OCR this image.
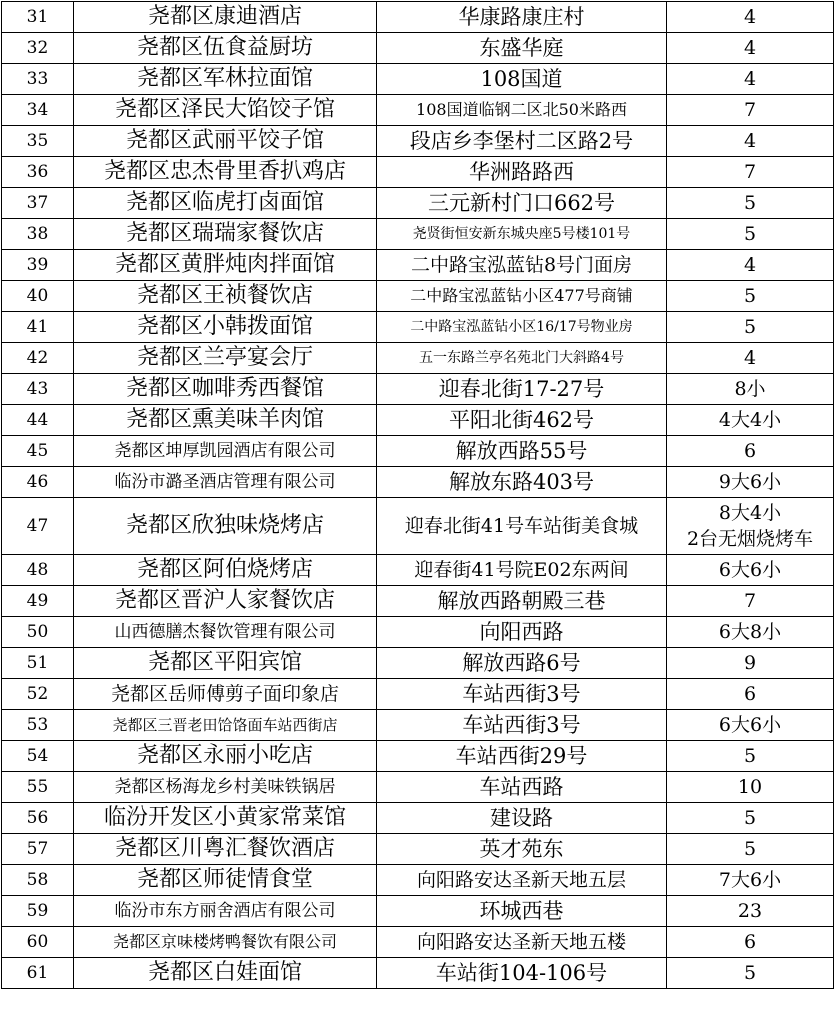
31	尧都区康迪酒店	华康路康庄村	4
32	尧都区伍食益厨坊	东盛华庭	4
33	尧都区军林拉面馆	108国道	4
34	尧都区泽民大馅饺子馆	108国道临钢二区北50米路西	7
35	尧都区武丽平饺子馆	段店乡李堡村二区路2号	4
36	尧都区忠杰骨里香扒鸡店	华洲路路西	7
37	尧都区临虎打卤面馆	三元新村门口662号	5
38	尧都区瑞瑞家餐饮店	尧贤街恒安新东城央座5号楼101号	5
39	尧都区黄胖炖肉拌面馆	二中路宝泓蓝钻8号门面房	4
40	尧都区王祯餐饮店	二中路宝泓蓝钻小区477号商铺	5
41	尧都区小韩拨面馆	二中路宝泓蓝钻小区16/17号物业房	5
42	尧都区兰亭宴会厅	五一东路兰亭名苑北门大斜路4号	4
43	尧都区咖啡秀西餐馆	迎春北街17-27号	8小
44	尧都区熏美味羊肉馆	平阳北街462号	4大4小
45	尧都区坤厚凯园酒店有限公司	解放西路55号	6
46	临汾市潞圣酒店管理有限公司	解放东路403号	9大6小
47	尧都区欣独味烧烤店	迎春北街41号车站街美食城	8大4小
2台无烟烧烤车

48	尧都区阿伯烧烤店	迎春街41号院E02东两间	6大6小
49	尧都区晋沪人家餐饮店	解放西路朝殿三巷	7
50	山西德膳杰餐饮管理有限公司	向阳西路	6大8小
51	尧都区平阳宾馆	解放西路6号	9
52	尧都区岳师傅剪子面印象店	车站西街3号	6
53	尧都区三晋老田饸饹面车站西街店	车站西街3号	6大6小
54	尧都区永丽小吃店	车站西街29号	5
55	尧都区杨海龙乡村美味铁锅居	车站西路	10
56	临汾开发区小黄家常菜馆	建设路	5
57	尧都区川粤汇餐饮酒店	英才苑东	5
58	尧都区师徒情食堂	向阳路安达圣新天地五层	7大6小
59	临汾市东方丽舍酒店有限公司	环城西巷	23
60	尧都区京味楼烤鸭餐饮有限公司	向阳路安达圣新天地五楼	6
61	尧都区白娃面馆	车站街104-106号	5
